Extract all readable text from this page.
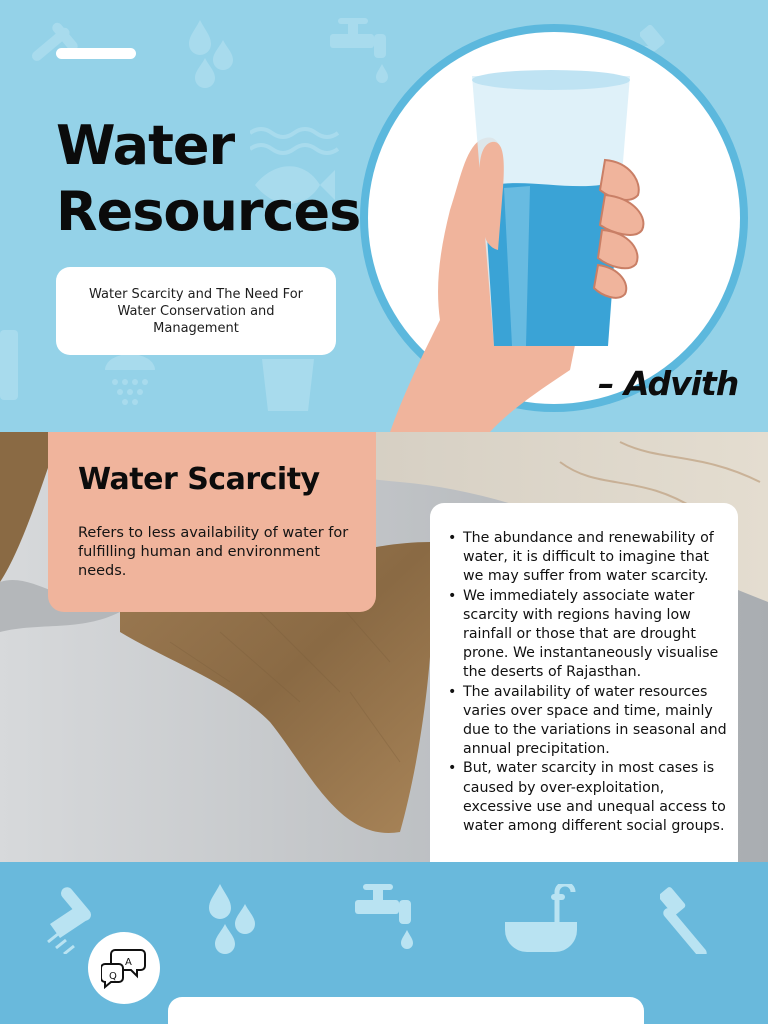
Water
Resources

Water Scarcity and The Need For Water Conservation and Management

– Advith
Water Scarcity

Refers to less availability of water for fulfilling human and environment needs.

• The abundance and renewability of water, it is difficult to imagine that we may suffer from water scarcity.
• We immediately associate water scarcity with regions having low rainfall or those that are drought prone. We instantaneously visualise the deserts of Rajasthan.
• The availability of water resources varies over space and time, mainly due to the variations in seasonal and annual precipitation.
• But, water scarcity in most cases is caused by over-exploitation, excessive use and unequal access to water among different social groups.
A
Q
